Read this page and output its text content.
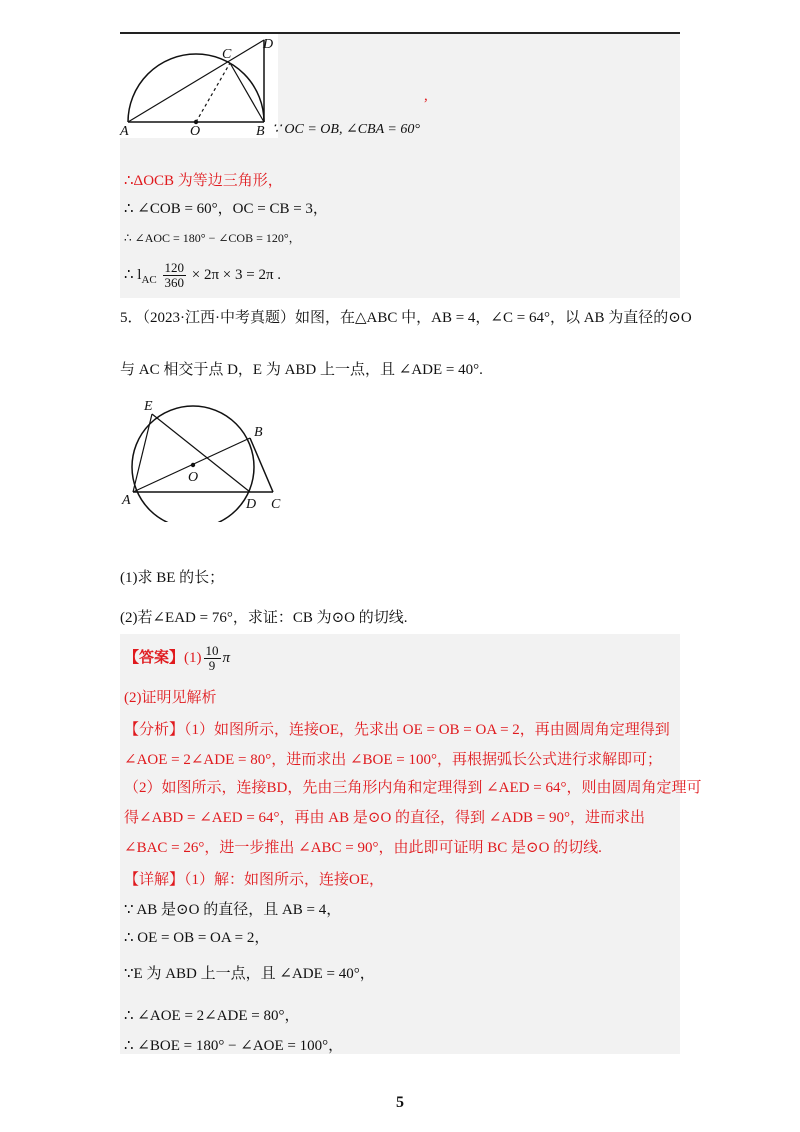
A	O	B
C
D
,
∵ OC = OB, ∠CBA = 60°
∴ΔOCB 为等边三角形，
∴ ∠COB = 60°，OC = CB = 3，
∴ ∠AOC = 180° − ∠COB = 120°，
∴ $l_{AC} \frac{120}{360} \times 2\pi \times 3 = 2\pi$ .
5．（2023·江西·中考真题）如图，在△ABC 中，AB = 4，∠C = 64°，以 AB 为直径的⊙O
与 AC 相交于点 D，E 为 ABD 上一点，且 ∠ADE = 40°.
E
B
O
A	D C
(1)求 BE 的长；
(2)若∠EAD = 76°，求证：CB 为⊙O 的切线.
【答案】$(1) \frac{10}{9}$ π
(2)证明见解析
【分析】（1）如图所示，连接OE，先求出 OE = OB = OA = 2，再由圆周角定理得到
∠AOE = 2∠ADE = 80°，进而求出 ∠BOE = 100°，再根据弧长公式进行求解即可；
（2）如图所示，连接BD，先由三角形内角和定理得到 ∠AED = 64°，则由圆周角定理可
得∠ABD = ∠AED = 64°，再由 AB 是⊙O 的直径，得到 ∠ADB = 90°，进而求出
∠BAC = 26°，进一步推出 ∠ABC = 90°，由此即可证明 BC 是⊙O 的切线.
【详解】（1）解：如图所示，连接OE，
∵ AB 是⊙O 的直径，且 AB = 4，
∴ OE = OB = OA = 2，
∵E 为 ABD 上一点，且 ∠ADE = 40°，
∴ ∠AOE = 2∠ADE = 80°，
∴ ∠BOE = 180° − ∠AOE = 100°，
5
